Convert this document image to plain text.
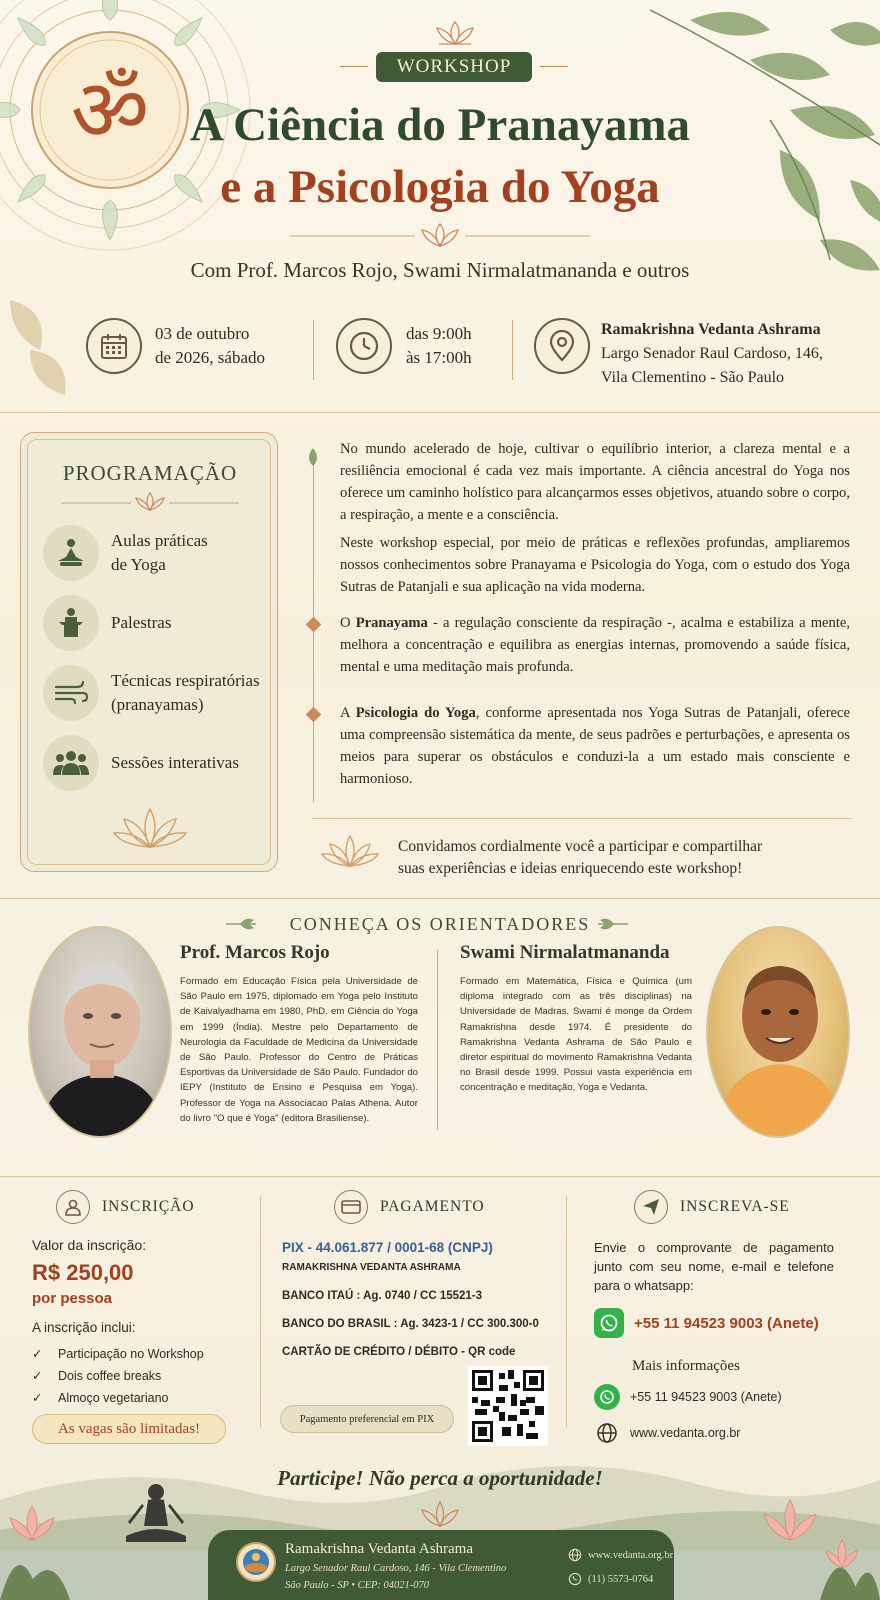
ॐ	WORKSHOP
A Ciência do Pranayama
e a Psicologia do Yoga
Com Prof. Marcos Rojo, Swami Nirmalatmananda e outros
03 de outubro
de 2026, sábado
das 9:00h
às 17:00h
Ramakrishna Vedanta Ashrama
Largo Senador Raul Cardoso, 146,
Vila Clementino - São Paulo
PROGRAMAÇÃO
Aulas práticas
de Yoga
Palestras
Técnicas respiratórias
(pranayamas)
Sessões interativas
No mundo acelerado de hoje, cultivar o equilíbrio interior, a clareza mental e a resiliência emocional é cada vez mais importante. A ciência ancestral do Yoga nos oferece um caminho holístico para alcançarmos esses objetivos, atuando sobre o corpo, a respiração, a mente e a consciência.
Neste workshop especial, por meio de práticas e reflexões profundas, ampliaremos nossos conhecimentos sobre Pranayama e Psicologia do Yoga, com o estudo dos Yoga Sutras de Patanjali e sua aplicação na vida moderna.
O Pranayama - a regulação consciente da respiração -, acalma e estabiliza a mente, melhora a concentração e equilibra as energias internas, promovendo a saúde física, mental e uma meditação mais profunda.
A Psicologia do Yoga, conforme apresentada nos Yoga Sutras de Patanjali, oferece uma compreensão sistemática da mente, de seus padrões e perturbações, e apresenta os meios para superar os obstáculos e conduzi-la a um estado mais consciente e harmonioso.
Convidamos cordialmente você a participar e compartilhar
suas experiências e ideias enriquecendo este workshop!
CONHEÇA OS ORIENTADORES
Prof. Marcos Rojo
Formado em Educação Física pela Universidade de São Paulo em 1975, diplomado em Yoga pelo Instituto de Kaivalyadhama em 1980, PhD. em Ciência do Yoga em 1999 (Índia). Mestre pelo Departamento de Neurologia da Faculdade de Medicina da Universidade de São Paulo. Professor do Centro de Práticas Esportivas da Universidade de São Paulo. Fundador do IEPY (Instituto de Ensino e Pesquisa em Yoga). Professor de Yoga na Associacao Palas Athena. Autor do livro "O que é Yoga" (editora Brasiliense).
Swami Nirmalatmananda
Formado em Matemática, Física e Química (um diploma integrado com as três disciplinas) na Universidade de Madras. Swami é monge da Ordem Ramakrishna desde 1974. É presidente do Ramakrishna Vedanta Ashrama de São Paulo e diretor espiritual do movimento Ramakrishna Vedanta no Brasil desde 1999. Possui vasta experiência em concentração e meditação, Yoga e Vedanta.
INSCRIÇÃO
Valor da inscrição:
R$ 250,00
por pessoa
A inscrição inclui:
✓ Participação no Workshop
✓ Dois coffee breaks
✓ Almoço vegetariano
As vagas são limitadas!
PAGAMENTO
PIX - 44.061.877 / 0001-68 (CNPJ)
RAMAKRISHNA VEDANTA ASHRAMA
BANCO ITAÚ : Ag. 0740 / CC 15521-3
BANCO DO BRASIL : Ag. 3423-1 / CC 300.300-0
CARTÃO DE CRÉDITO / DÉBITO - QR code
Pagamento preferencial em PIX
INSCREVA-SE
Envie o comprovante de pagamento junto com seu nome, e-mail e telefone para o whatsapp:
+55 11 94523 9003 (Anete)
Mais informações
+55 11 94523 9003 (Anete)
www.vedanta.org.br
Participe! Não perca a oportunidade!
Ramakrishna Vedanta Ashrama
Largo Senador Raul Cardoso, 146 - Vila Clementino
São Paulo - SP • CEP: 04021-070
www.vedanta.org.br
(11) 5573-0764
